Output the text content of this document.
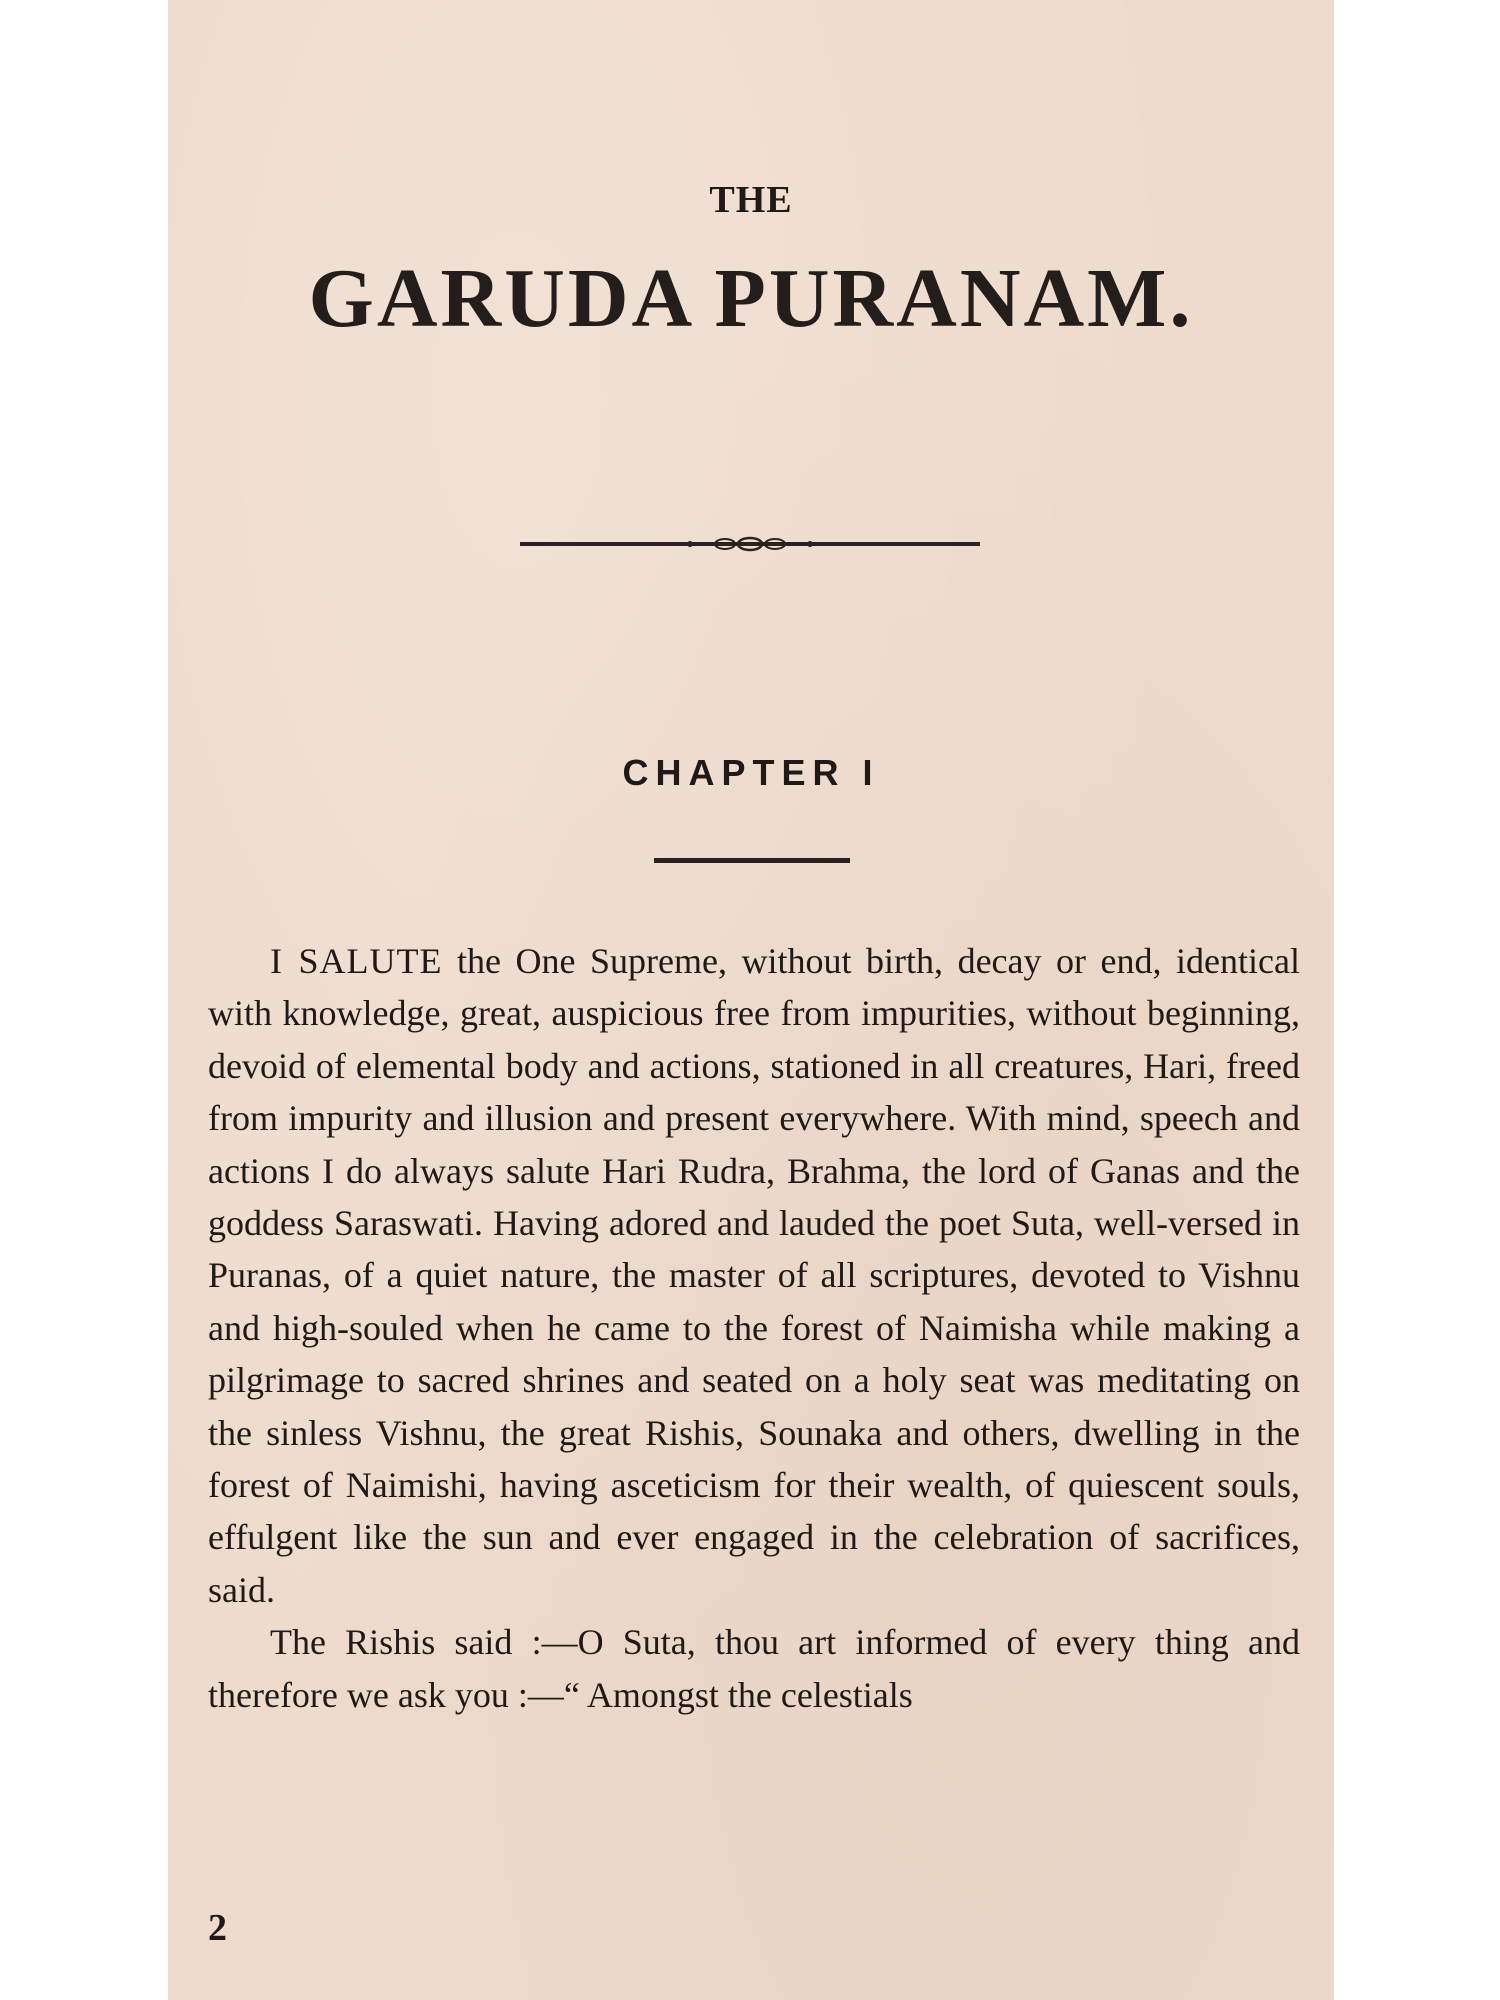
THE
GARUDA PURANAM.
CHAPTER I

I SALUTE the One Supreme, without birth, decay or end, identical with knowledge, great, auspicious free from impurities, without beginning, devoid of elemental body and actions, stationed in all creatures, Hari, freed from impurity and illusion and present everywhere. With mind, speech and actions I do always salute Hari Rudra, Brahma, the lord of Ganas and the goddess Saraswati. Having adored and lauded the poet Suta, well-versed in Puranas, of a quiet nature, the master of all scriptures, devoted to Vishnu and high-souled when he came to the forest of Naimisha while making a pilgrimage to sacred shrines and seated on a holy seat was meditating on the sinless Vishnu, the great Rishis, Sounaka and others, dwelling in the forest of Naimishi, having asceticism for their wealth, of quiescent souls, effulgent like the sun and ever engaged in the celebration of sacrifices, said.

The Rishis said :—O Suta, thou art informed of every thing and therefore we ask you :—“ Amongst the celestials

2
